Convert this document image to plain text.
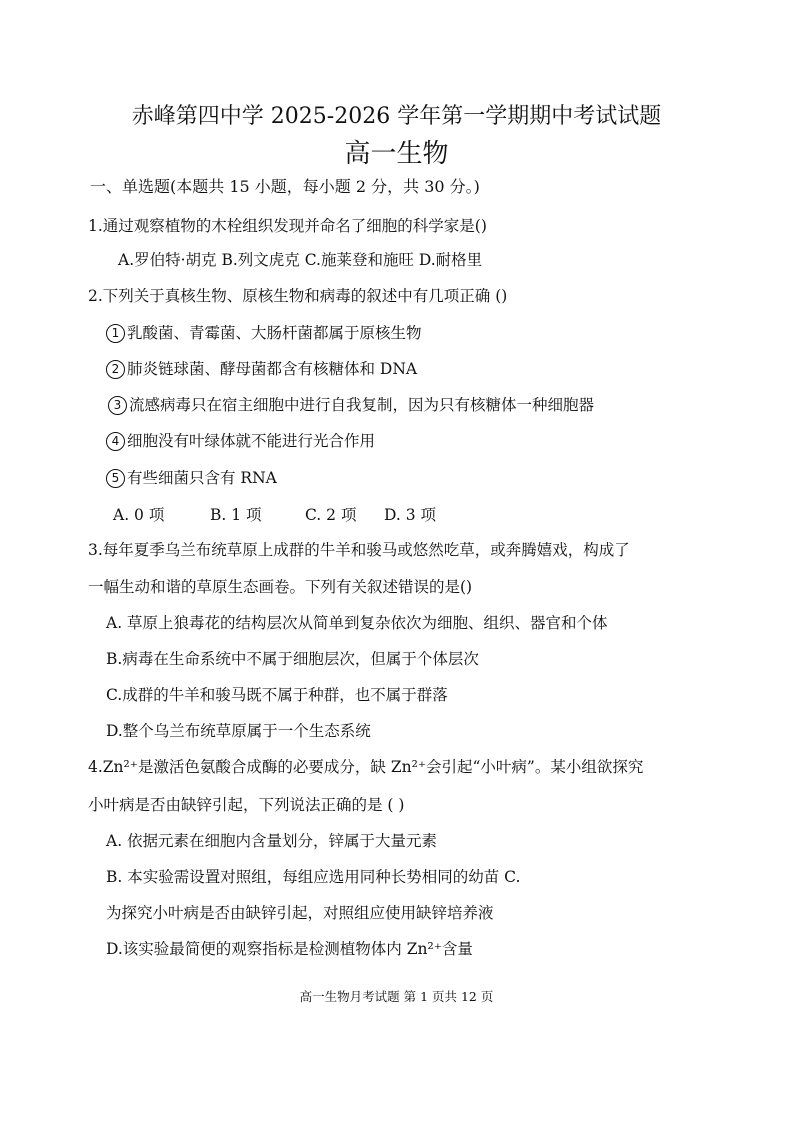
赤峰第四中学 2025-2026 学年第一学期期中考试试题
高一生物
一、单选题(本题共 15 小题，每小题 2 分，共 30 分。)
1.通过观察植物的木栓组织发现并命名了细胞的科学家是()
A.罗伯特·胡克 B.列文虎克 C.施莱登和施旺 D.耐格里
2.下列关于真核生物、原核生物和病毒的叙述中有几项正确 ()
1 乳酸菌、青霉菌、大肠杆菌都属于原核生物
2 肺炎链球菌、酵母菌都含有核糖体和 DNA
3 流感病毒只在宿主细胞中进行自我复制，因为只有核糖体一种细胞器
4 细胞没有叶绿体就不能进行光合作用
5 有些细菌只含有 RNA
A. 0 项	B. 1 项	C. 2 项 D. 3 项
3.每年夏季乌兰布统草原上成群的牛羊和骏马或悠然吃草，或奔腾嬉戏，构成了
一幅生动和谐的草原生态画卷。下列有关叙述错误的是()
A. 草原上狼毒花的结构层次从简单到复杂依次为细胞、组织、器官和个体
B.病毒在生命系统中不属于细胞层次，但属于个体层次
C.成群的牛羊和骏马既不属于种群，也不属于群落
D.整个乌兰布统草原属于一个生态系统
4.Zn²⁺是激活色氨酸合成酶的必要成分，缺 Zn²⁺会引起“小叶病”。某小组欲探究
小叶病是否由缺锌引起，下列说法正确的是 ( )
A. 依据元素在细胞内含量划分，锌属于大量元素
B. 本实验需设置对照组，每组应选用同种长势相同的幼苗 C.
为探究小叶病是否由缺锌引起，对照组应使用缺锌培养液
D.该实验最简便的观察指标是检测植物体内 Zn²⁺含量
高一生物月考试题 第 1 页共 12 页
